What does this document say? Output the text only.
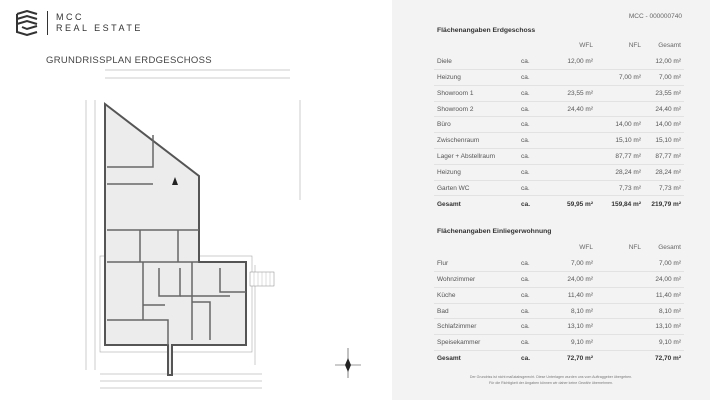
MCC
REAL ESTATE
GRUNDRISSPLAN ERDGESCHOSS
MCC - 000000740
Flächenangaben Erdgeschoss
		WFL	NFL	Gesamt
Diele	ca.	12,00 m²		12,00 m²
Heizung	ca.		7,00 m²	7,00 m²
Showroom 1	ca.	23,55 m²		23,55 m²
Showroom 2	ca.	24,40 m²		24,40 m²
Büro	ca.		14,00 m²	14,00 m²
Zwischenraum	ca.		15,10 m²	15,10 m²
Lager + Abstellraum	ca.		87,77 m²	87,77 m²
Heizung	ca.		28,24 m²	28,24 m²
Garten WC	ca.		7,73 m²	7,73 m²
Gesamt	ca.	59,95 m²	159,84 m²	219,79 m²
Flächenangaben Einliegerwohnung
		WFL	NFL	Gesamt
Flur	ca.	7,00 m²		7,00 m²
Wohnzimmer	ca.	24,00 m²		24,00 m²
Küche	ca.	11,40 m²		11,40 m²
Bad	ca.	8,10 m²		8,10 m²
Schlafzimmer	ca.	13,10 m²		13,10 m²
Speisekammer	ca.	9,10 m²		9,10 m²
Gesamt	ca.	72,70 m²		72,70 m²
Der Grundriss ist nicht maßstabsgerecht. Diese Unterlagen wurden uns vom Auftraggeber übergeben.
Für die Richtigkeit der Angaben können wir daher keine Gewähr übernehmen.
